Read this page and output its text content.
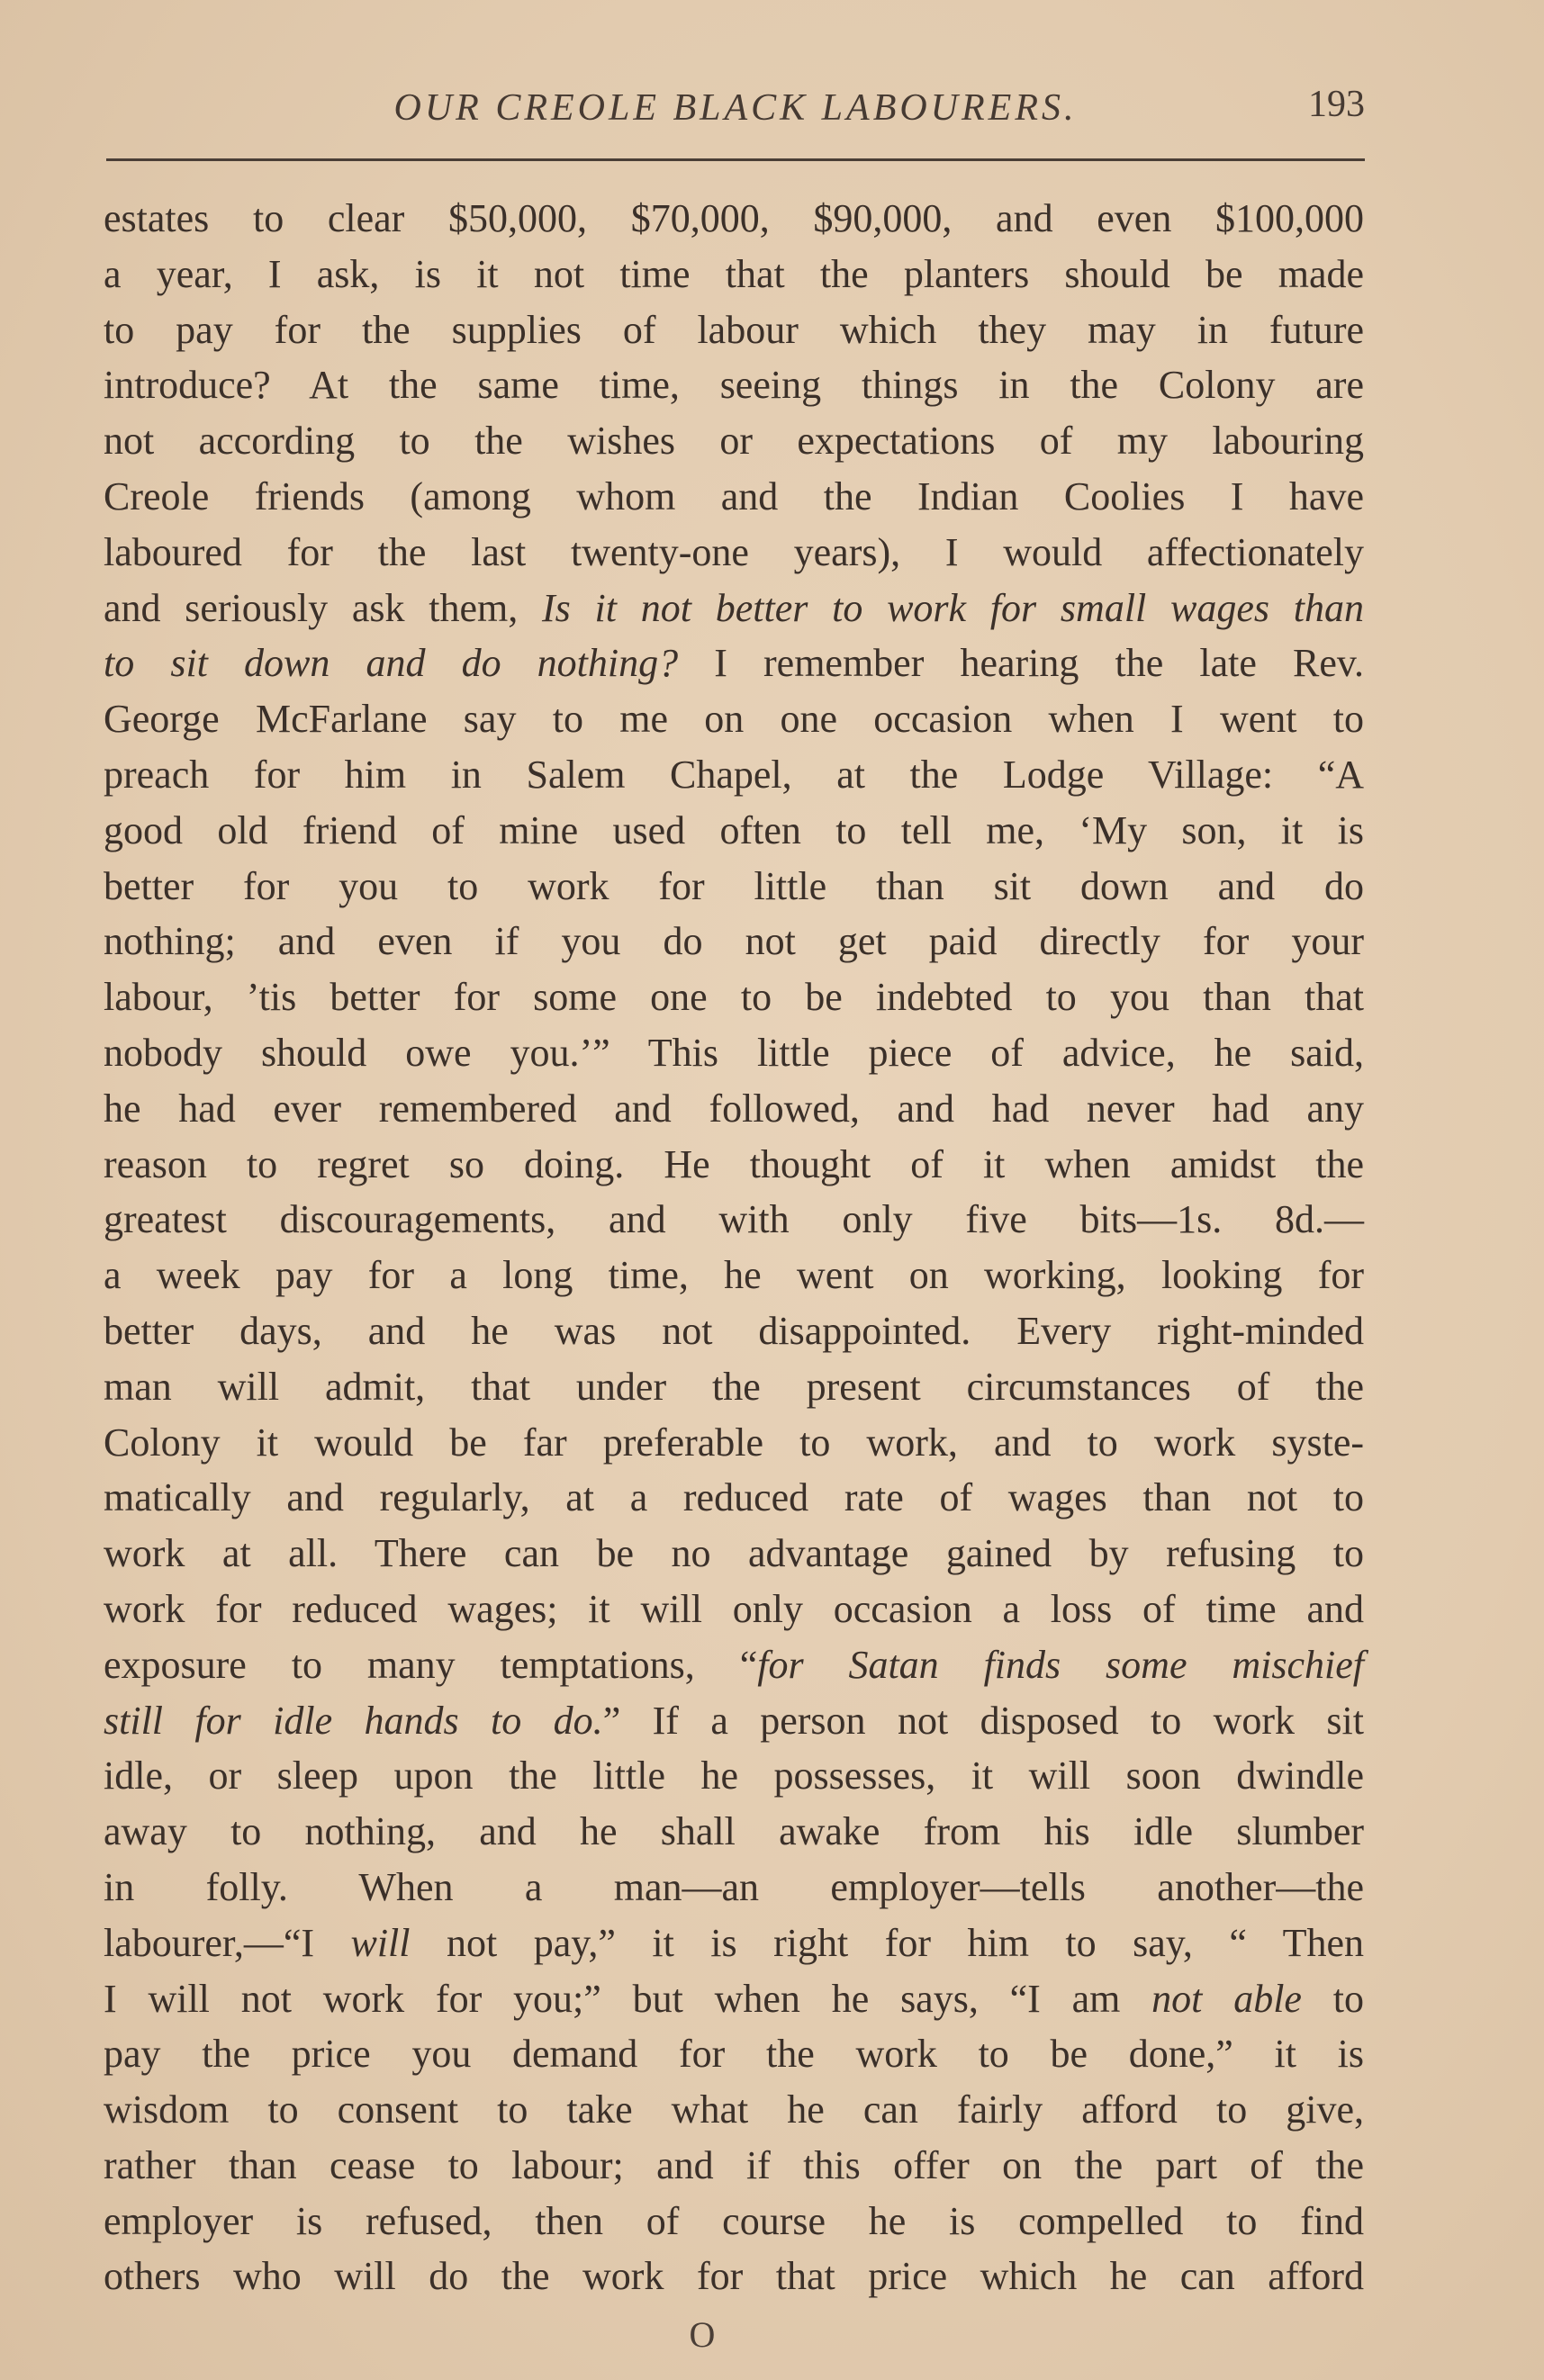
OUR CREOLE BLACK LABOURERS.	193
estates to clear $50,000, $70,000, $90,000, and even $100,000
a year, I ask, is it not time that the planters should be made
to pay for the supplies of labour which they may in future
introduce? At the same time, seeing things in the Colony are
not according to the wishes or expectations of my labouring
Creole friends (among whom and the Indian Coolies I have
laboured for the last twenty-one years), I would affectionately
and seriously ask them, Is it not better to work for small wages than
to sit down and do nothing? I remember hearing the late Rev.
George McFarlane say to me on one occasion when I went to
preach for him in Salem Chapel, at the Lodge Village: “A
good old friend of mine used often to tell me, ‘My son, it is
better for you to work for little than sit down and do
nothing; and even if you do not get paid directly for your
labour, ’tis better for some one to be indebted to you than that
nobody should owe you.’” This little piece of advice, he said,
he had ever remembered and followed, and had never had any
reason to regret so doing. He thought of it when amidst the
greatest discouragements, and with only five bits—1s. 8d.—
a week pay for a long time, he went on working, looking for
better days, and he was not disappointed. Every right-minded
man will admit, that under the present circumstances of the
Colony it would be far preferable to work, and to work syste-
matically and regularly, at a reduced rate of wages than not to
work at all. There can be no advantage gained by refusing to
work for reduced wages; it will only occasion a loss of time and
exposure to many temptations, “for Satan finds some mischief
still for idle hands to do.” If a person not disposed to work sit
idle, or sleep upon the little he possesses, it will soon dwindle
away to nothing, and he shall awake from his idle slumber
in folly. When a man—an employer—tells another—the
labourer,—“I will not pay,” it is right for him to say, “ Then
I will not work for you;” but when he says, “I am not able to
pay the price you demand for the work to be done,” it is
wisdom to consent to take what he can fairly afford to give,
rather than cease to labour; and if this offer on the part of the
employer is refused, then of course he is compelled to find
others who will do the work for that price which he can afford
O
